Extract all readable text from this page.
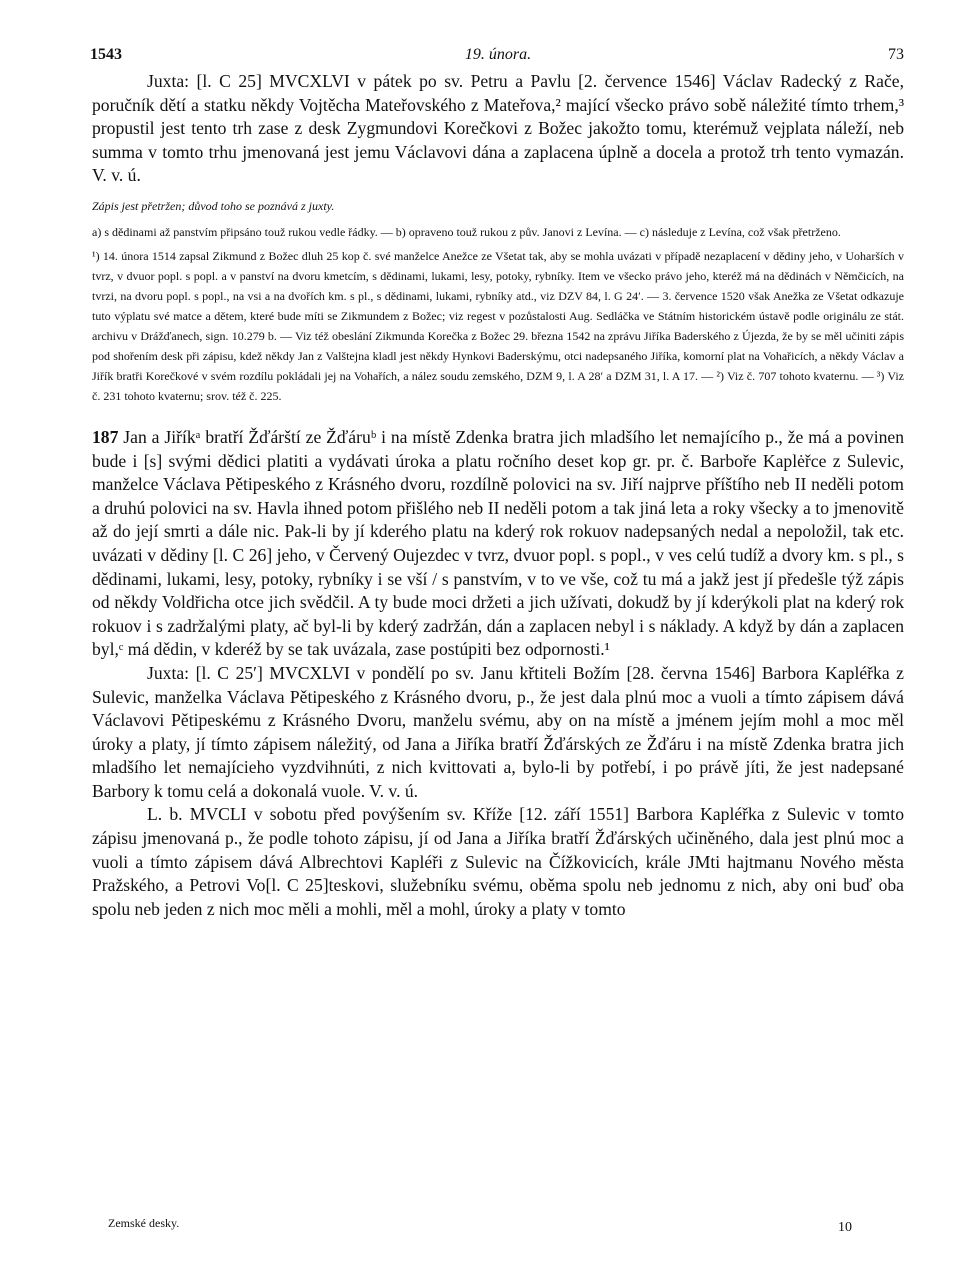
1543	19. února.	73

Juxta: [l. C 25] MVCXLVI v pátek po sv. Petru a Pavlu [2. července 1546] Václav Radecký z Rače, poručník dětí a statku někdy Vojtěcha Mateřovského z Mateřova,² mající všecko právo sobě náležité tímto trhem,³ propustil jest tento trh zase z desk Zygmundovi Korečkovi z Božec jakožto tomu, kterémuž vejplata náleží, neb summa v tomto trhu jmenovaná jest jemu Václavovi dána a zaplacena úplně a docela a protož trh tento vymazán. V. v. ú.

Zápis jest přetržen; důvod toho se poznává z juxty.

a) s dědinami až panstvím připsáno touž rukou vedle řádky. — b) opraveno touž rukou z pův. Janovi z Levína. — c) následuje z Levína, což však přetrženo.

¹) 14. února 1514 zapsal Zikmund z Božec dluh 25 kop č. své manželce Anežce ze Všetat tak, aby se mohla uvázati v případě nezaplacení v dědiny jeho, v Uoharších v tvrz, v dvuor popl. s popl. a v panství na dvoru kmetcím, s dědinami, lukami, lesy, potoky, rybníky. Item ve všecko právo jeho, kteréž má na dědinách v Němčicích, na tvrzi, na dvoru popl. s popl., na vsi a na dvořích km. s pl., s dědinami, lukami, rybníky atd., viz DZV 84, l. G 24′. — 3. července 1520 však Anežka ze Všetat odkazuje tuto výplatu své matce a dětem, které bude míti se Zikmundem z Božec; viz regest v pozůstalosti Aug. Sedláčka ve Státním historickém ústavě podle originálu ze stát. archivu v Drážďanech, sign. 10.279 b. — Viz též obeslání Zikmunda Korečka z Božec 29. března 1542 na zprávu Jiříka Baderského z Újezda, že by se měl učiniti zápis pod shořením desk při zápisu, kdež někdy Jan z Valštejna kladl jest někdy Hynkovi Baderskýmu, otci nadepsaného Jiříka, komorní plat na Vohařicích, a někdy Václav a Jiřík bratři Korečkové v svém rozdílu pokládali jej na Vohařích, a nález soudu zemského, DZM 9, l. A 28′ a DZM 31, l. A 17. — ²) Viz č. 707 tohoto kvaternu. — ³) Viz č. 231 tohoto kvaternu; srov. též č. 225.

187 Jan a Jiříkᵃ bratří Žďárští ze Žďáruᵇ i na místě Zdenka bratra jich mladšího let nemajícího p., že má a povinen bude i [s] svými dědici platiti a vydávati úroka a platu ročního deset kop gr. pr. č. Barboře Kaplėřce z Sulevic, manželce Václava Pětipeského z Krásného dvoru, rozdílně polovici na sv. Jiří najprve příštího neb II neděli potom a druhú polovici na sv. Havla ihned potom přišlého neb II neděli potom a tak jiná leta a roky všecky a to jmenovitě až do její smrti a dále nic. Pak-li by jí kderého platu na kderý rok rokuov nadepsaných nedal a nepoložil, tak etc. uvázati v dědiny [l. C 26] jeho, v Červený Oujezdec v tvrz, dvuor popl. s popl., v ves celú tudíž a dvory km. s pl., s dědinami, lukami, lesy, potoky, rybníky i se vší / s panstvím, v to ve vše, což tu má a jakž jest jí předešle týž zápis od někdy Voldřicha otce jich svědčil. A ty bude moci držeti a jich užívati, dokudž by jí kderýkoli plat na kderý rok rokuov i s zadržalými platy, ač byl-li by kderý zadržán, dán a zaplacen nebyl i s náklady. A když by dán a zaplacen byl,ᶜ má dědin, v kderéž by se tak uvázala, zase postúpiti bez odpornosti.¹

Juxta: [l. C 25′] MVCXLVI v pondělí po sv. Janu křtiteli Božím [28. června 1546] Barbora Kapléřka z Sulevic, manželka Václava Pětipeského z Krásného dvoru, p., že jest dala plnú moc a vuoli a tímto zápisem dává Václavovi Pětipeskému z Krásného Dvoru, manželu svému, aby on na místě a jménem jejím mohl a moc měl úroky a platy, jí tímto zápisem náležitý, od Jana a Jiříka bratří Žďárských ze Žďáru i na místě Zdenka bratra jich mladšího let nemajícieho vyzdvihnúti, z nich kvittovati a, bylo-li by potřebí, i po právě jíti, že jest nadepsané Barbory k tomu celá a dokonalá vuole. V. v. ú.

L. b. MVCLI v sobotu před povýšením sv. Kříže [12. září 1551] Barbora Kapléřka z Sulevic v tomto zápisu jmenovaná p., že podle tohoto zápisu, jí od Jana a Jiříka bratří Žďárských učiněného, dala jest plnú moc a vuoli a tímto zápisem dává Albrechtovi Kapléři z Sulevic na Čížkovicích, krále JMti hajtmanu Nového města Pražského, a Petrovi Vo[l. C 25]teskovi, služebníku svému, oběma spolu neb jednomu z nich, aby oni buď oba spolu neb jeden z nich moc měli a mohli, měl a mohl, úroky a platy v tomto

Zemské desky.	10
